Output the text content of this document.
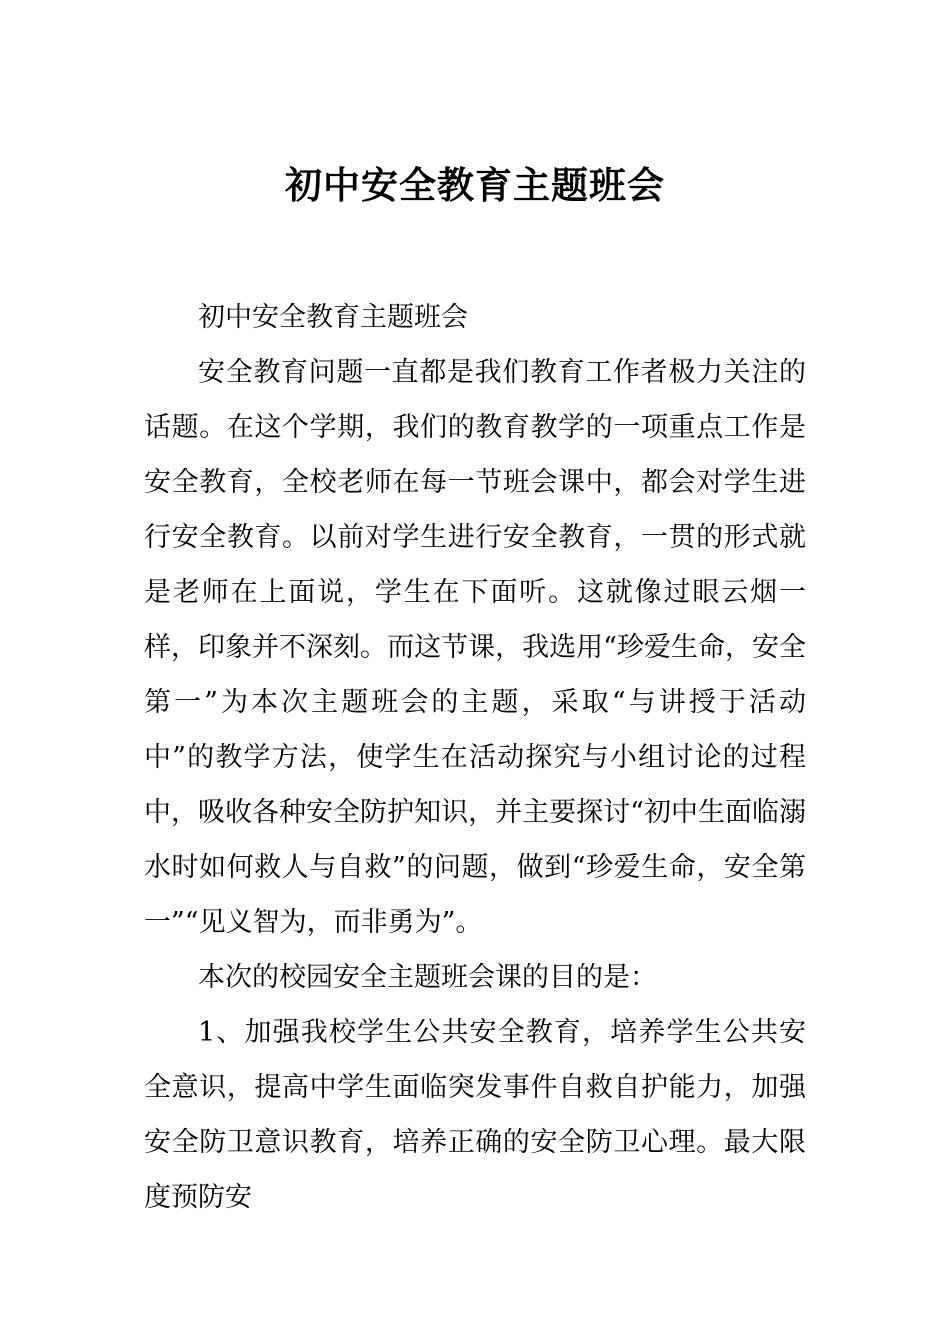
初中安全教育主题班会

初中安全教育主题班会

安全教育问题一直都是我们教育工作者极力关注的话题。在这个学期，我们的教育教学的一项重点工作是安全教育，全校老师在每一节班会课中，都会对学生进行安全教育。以前对学生进行安全教育，一贯的形式就是老师在上面说，学生在下面听。这就像过眼云烟一样，印象并不深刻。而这节课，我选用“珍爱生命，安全第一”为本次主题班会的主题，采取“与讲授于活动中”的教学方法，使学生在活动探究与小组讨论的过程中，吸收各种安全防护知识，并主要探讨“初中生面临溺水时如何救人与自救”的问题，做到“珍爱生命，安全第一”“见义智为，而非勇为”。

本次的校园安全主题班会课的目的是：

1、加强我校学生公共安全教育，培养学生公共安全意识，提高中学生面临突发事件自救自护能力，加强安全防卫意识教育，培养正确的安全防卫心理。最大限度预防安
